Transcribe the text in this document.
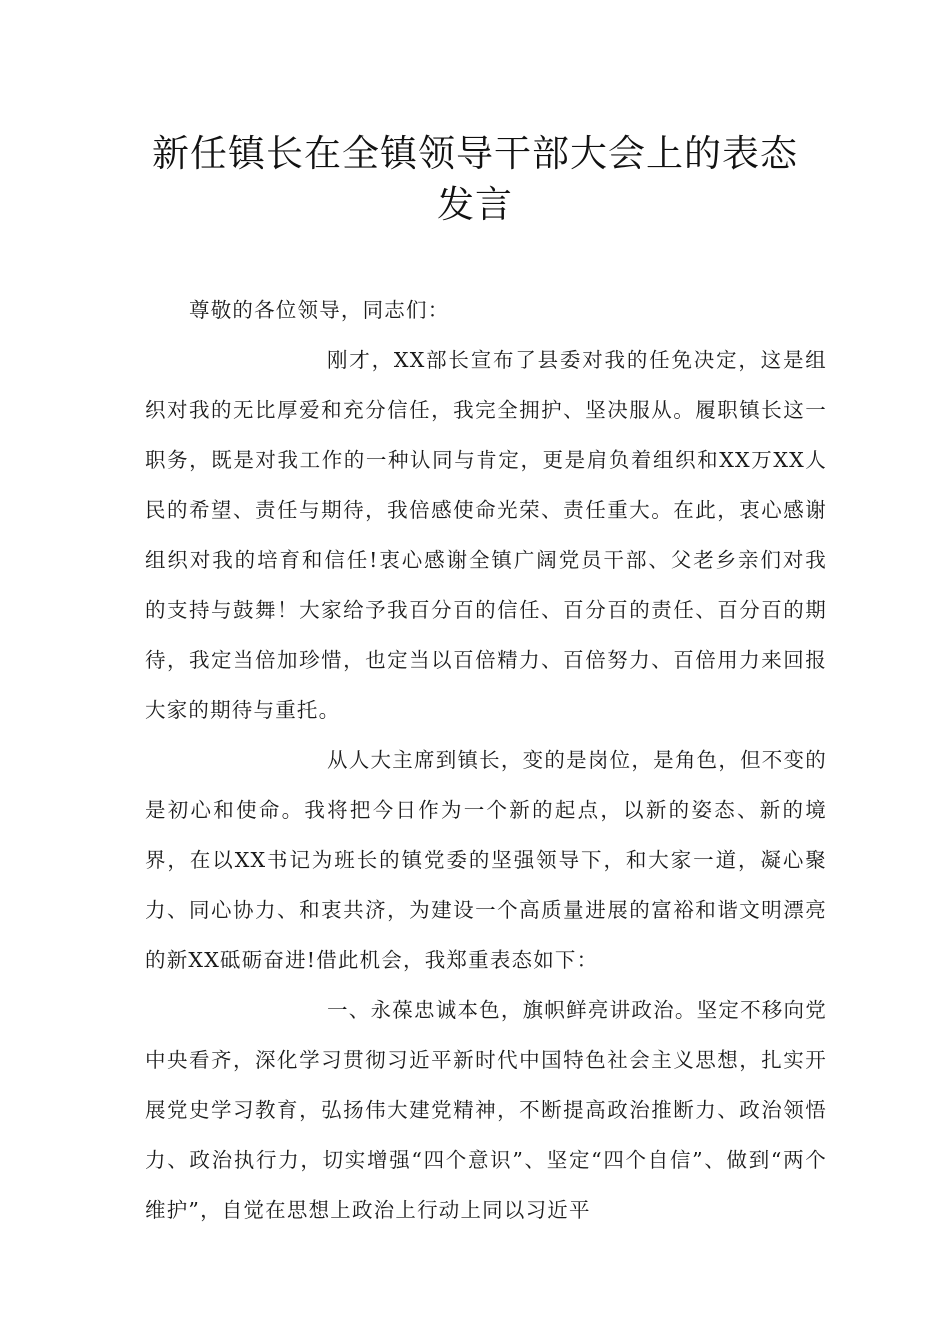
新任镇长在全镇领导干部大会上的表态
发言

尊敬的各位领导，同志们：

刚才，XX部长宣布了县委对我的任免决定，这是组织对我的无比厚爱和充分信任，我完全拥护、坚决服从。履职镇长这一职务，既是对我工作的一种认同与肯定，更是肩负着组织和XX万XX人民的希望、责任与期待，我倍感使命光荣、责任重大。在此，衷心感谢组织对我的培育和信任!衷心感谢全镇广阔党员干部、父老乡亲们对我的支持与鼓舞！大家给予我百分百的信任、百分百的责任、百分百的期待，我定当倍加珍惜，也定当以百倍精力、百倍努力、百倍用力来回报大家的期待与重托。

从人大主席到镇长，变的是岗位，是角色，但不变的是初心和使命。我将把今日作为一个新的起点，以新的姿态、新的境界，在以XX书记为班长的镇党委的坚强领导下，和大家一道，凝心聚力、同心协力、和衷共济，为建设一个高质量进展的富裕和谐文明漂亮的新XX砥砺奋进!借此机会，我郑重表态如下：

一、永葆忠诚本色，旗帜鲜亮讲政治。坚定不移向党中央看齐，深化学习贯彻习近平新时代中国特色社会主义思想，扎实开展党史学习教育，弘扬伟大建党精神，不断提高政治推断力、政治领悟力、政治执行力，切实增强“四个意识”、坚定“四个自信”、做到“两个维护”，自觉在思想上政治上行动上同以习近平
